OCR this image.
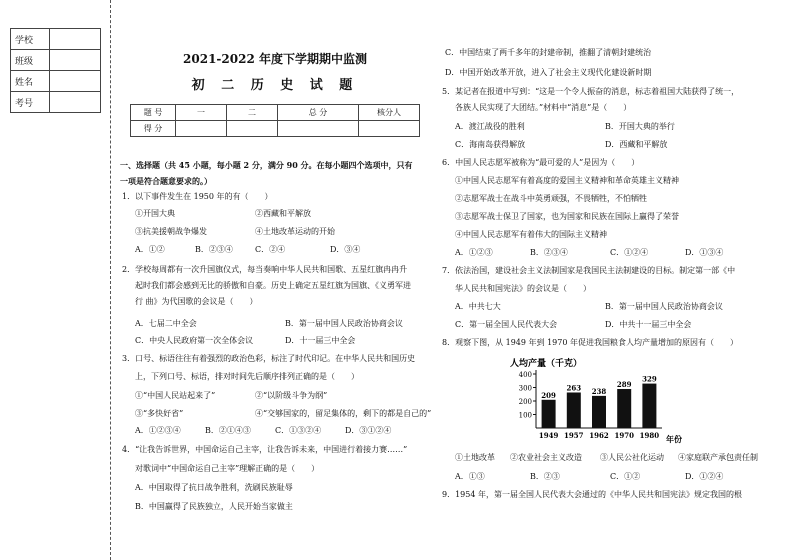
学校	
班级	
姓名	
考号	
2021-2022 年度下学期期中监测
初 二 历 史 试 题
题 号	一	二	总 分	核分人
得 分				
一、选择题（共 45 小题，每小题 2 分，满分 90 分。在每小题四个选项中，只有
一项是符合题意要求的。）
1．以下事件发生在 1950 年的有（　　）
①开国大典	②西藏和平解放
③抗美援朝战争爆发	④土地改革运动的开始
A．①②	B．②③④	C．②④	D．③④
2．学校每周都有一次升国旗仪式，每当奏响中华人民共和国歌、五星红旗冉冉升
起时我们都会感到无比的骄傲和自豪。历史上确定五星红旗为国旗、《义勇军进
行 曲》为代国歌的会议是（　　）
A．七届二中全会	B．第一届中国人民政治协商会议
C．中央人民政府第一次全体会议	D．十一届三中全会
3．口号、标语往往有着强烈的政治色彩，标注了时代印记。在中华人民共和国历史
上，下列口号、标语，排对时间先后顺序排列正确的是（　　）
①“中国人民站起来了”	②“以阶级斗争为纲”
③“多快好省”	④“交够国家的，留足集体的，剩下的都是自己的”
A．①②③④	B．②①④③	C．①③②④	D．③①②④
4．“让我告诉世界，中国命运自己主宰，让我告诉未来，中国进行着接力赛……”
对歌词中“中国命运自己主宰”理解正确的是（　　）
A．中国取得了抗日战争胜利，洗刷民族耻辱
B．中国赢得了民族独立，人民开始当家做主
C．中国结束了两千多年的封建帝制，推翻了清朝封建统治
D．中国开始改革开放，进入了社会主义现代化建设新时期
5．某记者在报道中写到：“这是一个令人振奋的消息，标志着祖国大陆获得了统一，
各族人民实现了大团结。”材料中“消息”是（　　）
A．渡江战役的胜利	B．开国大典的举行
C．海南岛获得解放	D．西藏和平解放
6．中国人民志愿军被称为“最可爱的人”是因为（　　）
①中国人民志愿军有着高度的爱国主义精神和革命英雄主义精神
②志愿军战士在战斗中英勇顽强，不畏牺牲，不怕牺牲
③志愿军战士保卫了国家，也为国家和民族在国际上赢得了荣誉
④中国人民志愿军有着伟大的国际主义精神
A．①②③	B．②③④	C．①②④	D．①③④
7．依法治国，建设社会主义法制国家是我国民主法制建设的目标。制定第一部《中
华人民共和国宪法》的会议是（　　）
A．中共七大	B．第一届中国人民政治协商会议
C．第一届全国人民代表大会	D．中共十一届三中全会
8．观察下图，从 1949 年到 1970 年促进我国粮食人均产量增加的原因有（　　）
人均产量（千克）
年份
100
200
300
400
209
1949
263
1957
238
1962
289
1970
329
1980
①土地改革 ②农业社会主义改造 ③人民公社化运动 ④家庭联产承包责任制
A．①③	B．②③	C．①②	D．①②④
9．1954 年，第一届全国人民代表大会通过的《中华人民共和国宪法》规定我国的根
